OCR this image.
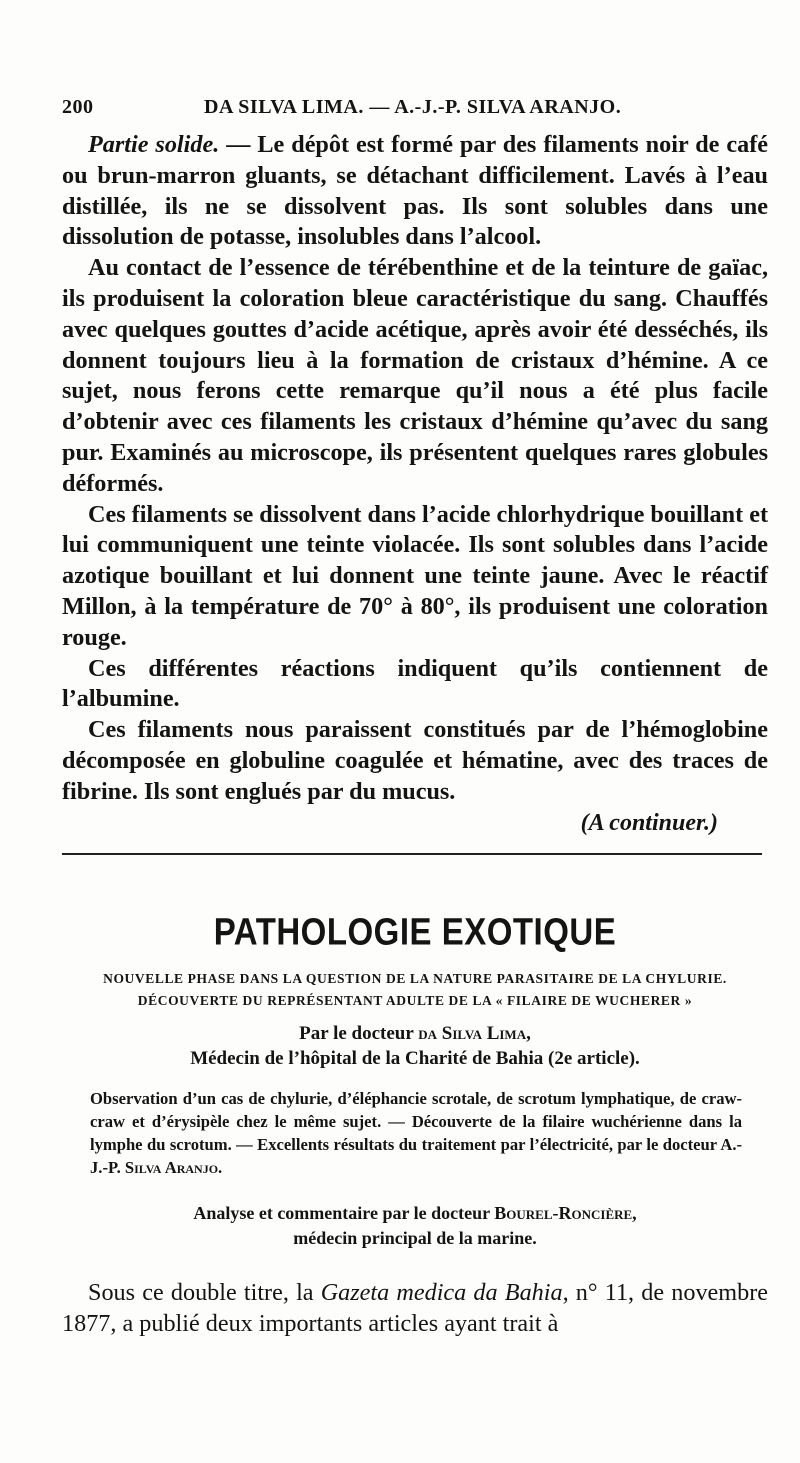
200	DA SILVA LIMA. — A.-J.-P. SILVA ARANJO.

Partie solide. — Le dépôt est formé par des filaments noir de café ou brun-marron gluants, se détachant difficilement. Lavés à l’eau distillée, ils ne se dissolvent pas. Ils sont solubles dans une dissolution de potasse, insolubles dans l’alcool.

Au contact de l’essence de térébenthine et de la teinture de gaïac, ils produisent la coloration bleue caractéristique du sang. Chauffés avec quelques gouttes d’acide acétique, après avoir été desséchés, ils donnent toujours lieu à la formation de cristaux d’hémine. A ce sujet, nous ferons cette remarque qu’il nous a été plus facile d’obtenir avec ces filaments les cristaux d’hémine qu’avec du sang pur. Examinés au microscope, ils présentent quelques rares globules déformés.

Ces filaments se dissolvent dans l’acide chlorhydrique bouillant et lui communiquent une teinte violacée. Ils sont solubles dans l’acide azotique bouillant et lui donnent une teinte jaune. Avec le réactif Millon, à la température de 70° à 80°, ils produisent une coloration rouge.

Ces différentes réactions indiquent qu’ils contiennent de l’albumine.

Ces filaments nous paraissent constitués par de l’hémoglobine décomposée en globuline coagulée et hématine, avec des traces de fibrine. Ils sont englués par du mucus.

(A continuer.)
PATHOLOGIE EXOTIQUE
NOUVELLE PHASE DANS LA QUESTION DE LA NATURE PARASITAIRE DE LA CHYLURIE.
DÉCOUVERTE DU REPRÉSENTANT ADULTE DE LA « FILAIRE DE WUCHERER »
Par le docteur da Silva Lima,
Médecin de l’hôpital de la Charité de Bahia (2e article).
Observation d’un cas de chylurie, d’éléphancie scrotale, de scrotum lymphatique, de craw-craw et d’érysipèle chez le même sujet. — Découverte de la filaire wuchérienne dans la lymphe du scrotum. — Excellents résultats du traitement par l’électricité, par le docteur A.-J.-P. Silva Aranjo.
Analyse et commentaire par le docteur Bourel-Roncière,
médecin principal de la marine.

Sous ce double titre, la Gazeta medica da Bahia, n° 11, de novembre 1877, a publié deux importants articles ayant trait à
